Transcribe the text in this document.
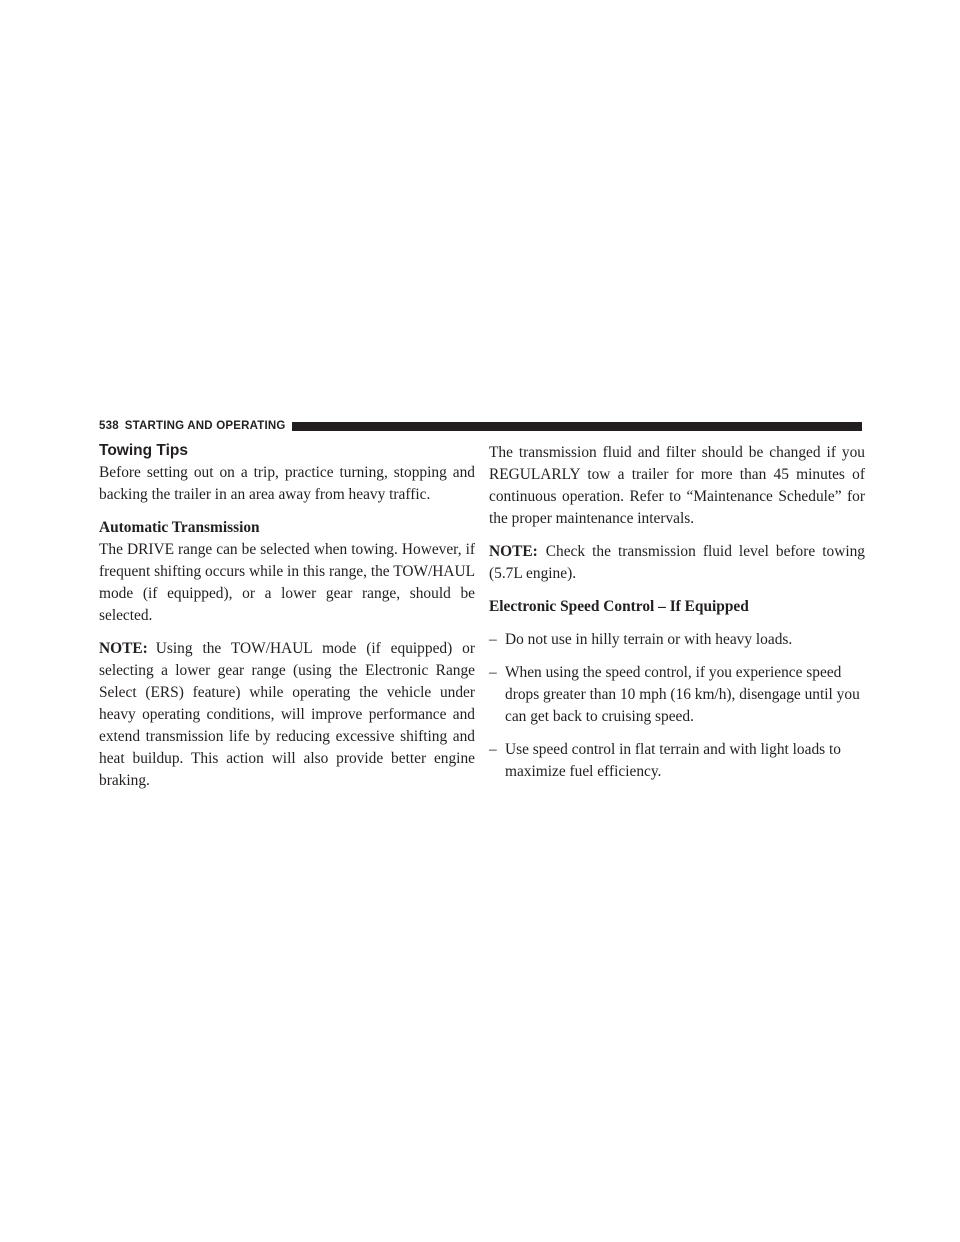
538 STARTING AND OPERATING
Towing Tips

Before setting out on a trip, practice turning, stopping and backing the trailer in an area away from heavy traffic.

Automatic Transmission

The DRIVE range can be selected when towing. However, if frequent shifting occurs while in this range, the TOW/HAUL mode (if equipped), or a lower gear range, should be selected.

NOTE: Using the TOW/HAUL mode (if equipped) or selecting a lower gear range (using the Electronic Range Select (ERS) feature) while operating the vehicle under heavy operating conditions, will improve performance and extend transmission life by reducing excessive shifting and heat buildup. This action will also provide better engine braking.

The transmission fluid and filter should be changed if you REGULARLY tow a trailer for more than 45 minutes of continuous operation. Refer to “Maintenance Schedule” for the proper maintenance intervals.

NOTE: Check the transmission fluid level before towing (5.7L engine).

Electronic Speed Control – If Equipped
– Do not use in hilly terrain or with heavy loads.
– When using the speed control, if you experience speed drops greater than 10 mph (16 km/h), disengage until you can get back to cruising speed.
– Use speed control in flat terrain and with light loads to maximize fuel efficiency.
